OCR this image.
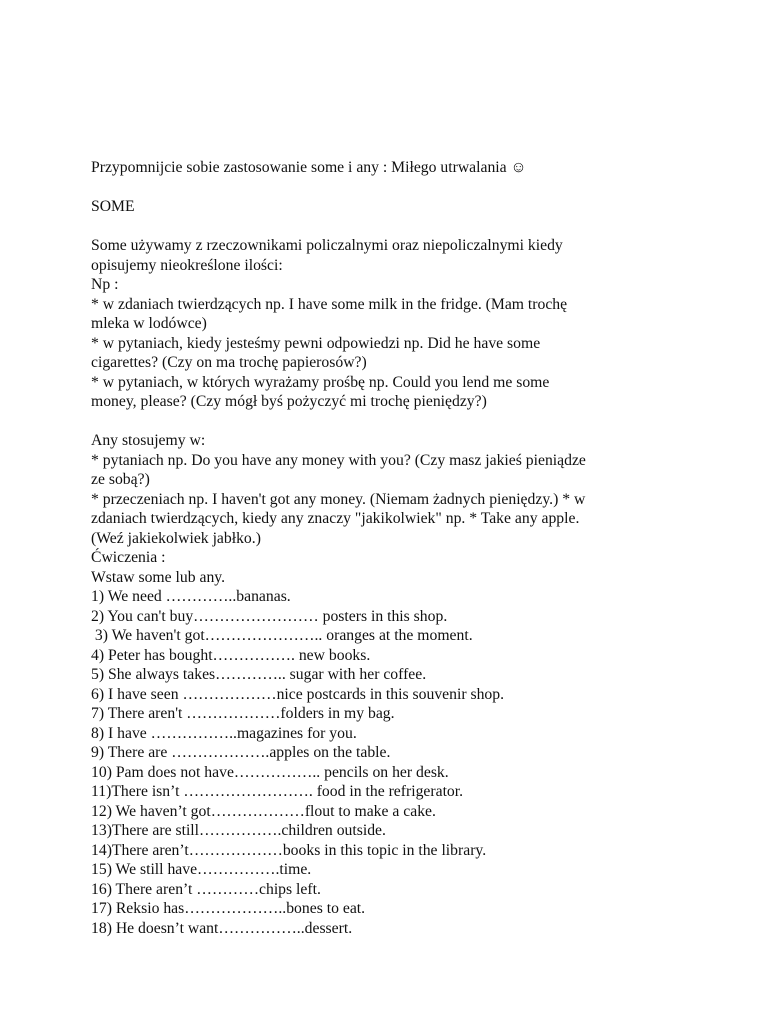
Przypomnijcie sobie zastosowanie some i any : Miłego utrwalania ☺
SOME
Some używamy z rzeczownikami policzalnymi oraz niepoliczalnymi kiedy
opisujemy nieokreślone ilości:
Np :
* w zdaniach twierdzących np. I have some milk in the fridge. (Mam trochę
mleka w lodówce)
* w pytaniach, kiedy jesteśmy pewni odpowiedzi np. Did he have some
cigarettes? (Czy on ma trochę papierosów?)
* w pytaniach, w których wyrażamy prośbę np. Could you lend me some
money, please? (Czy mógł byś pożyczyć mi trochę pieniędzy?)
Any stosujemy w:
* pytaniach np. Do you have any money with you? (Czy masz jakieś pieniądze
ze sobą?)
* przeczeniach np. I haven't got any money. (Niemam żadnych pieniędzy.) * w
zdaniach twierdzących, kiedy any znaczy "jakikolwiek" np. * Take any apple.
(Weź jakiekolwiek jabłko.)
Ćwiczenia :
Wstaw some lub any.
1) We need …………..bananas.
2) You can't buy…………………… posters in this shop.
3) We haven't got………………….. oranges at the moment.
4) Peter has bought……………. new books.
5) She always takes………….. sugar with her coffee.
6) I have seen ………………nice postcards in this souvenir shop.
7) There aren't ………………folders in my bag.
8) I have ……………..magazines for you.
9) There are ……………….apples on the table.
10) Pam does not have…………….. pencils on her desk.
11)There isn’t ……………………. food in the refrigerator.
12) We haven’t got………………flout to make a cake.
13)There are still…………….children outside.
14)There aren’t………………books in this topic in the library.
15) We still have…………….time.
16) There aren’t …………chips left.
17) Reksio has………………..bones to eat.
18) He doesn’t want……………..dessert.
